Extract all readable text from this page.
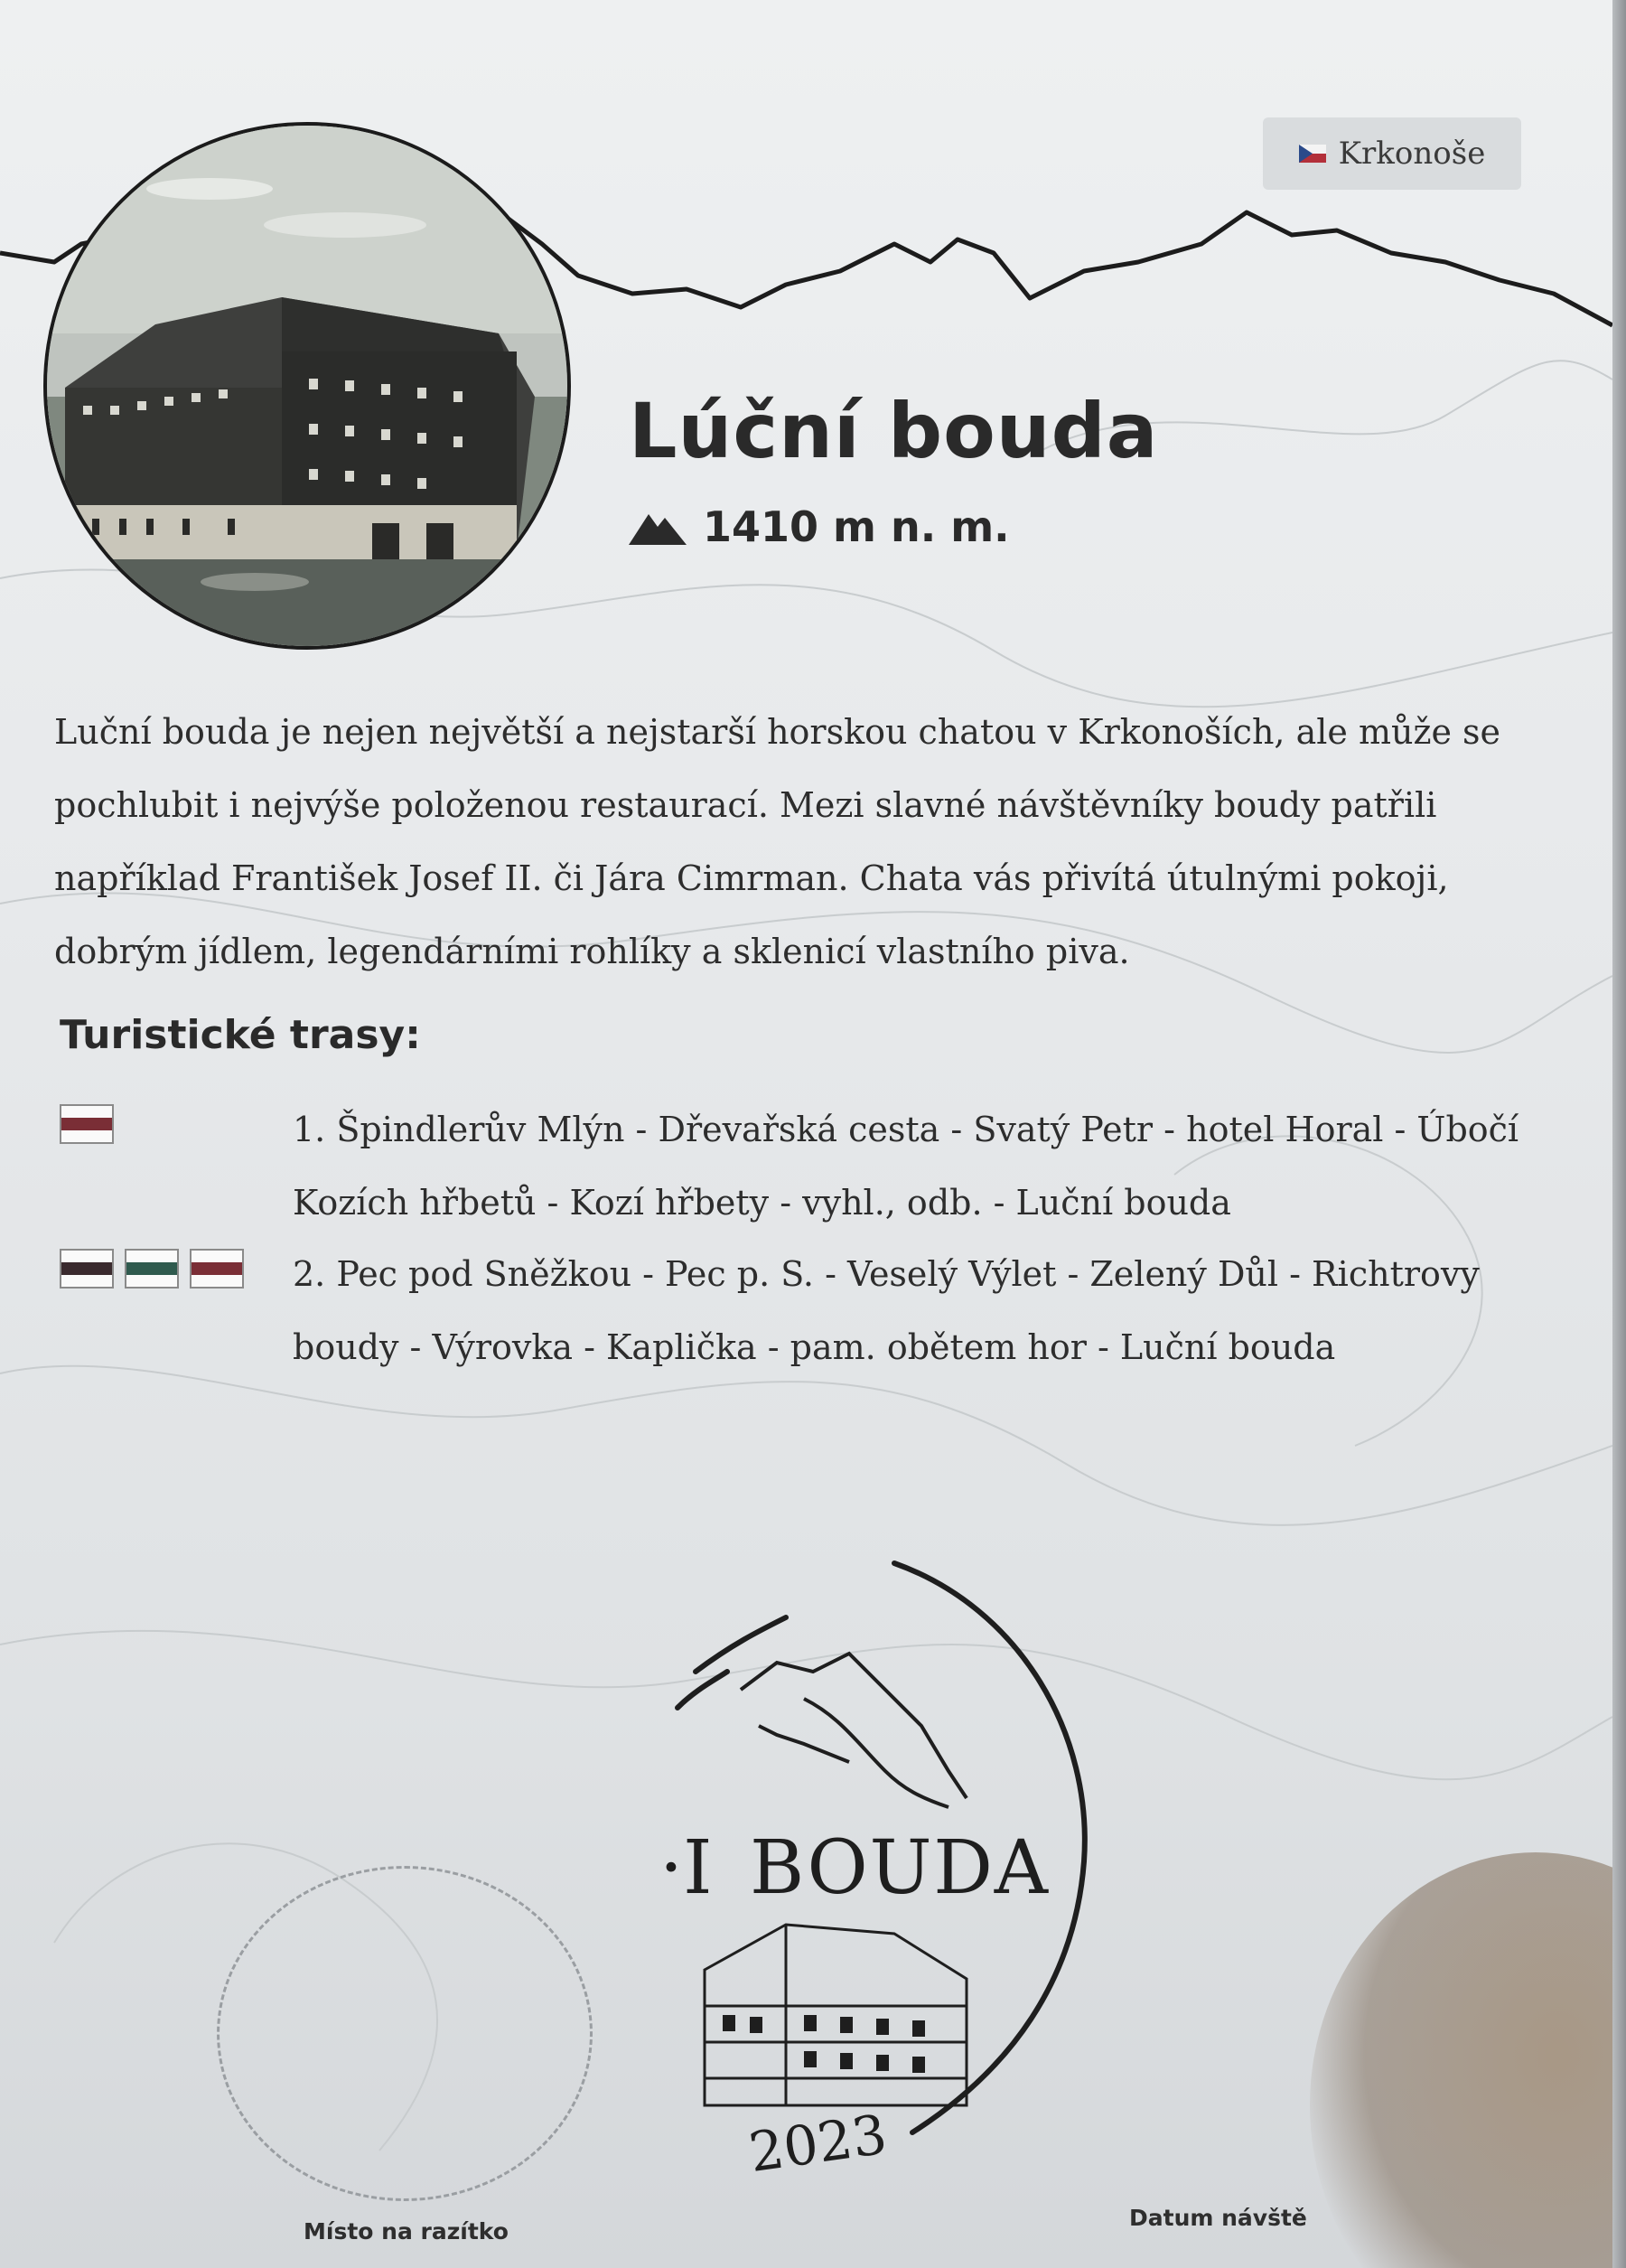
Krkonoše
Lúční bouda
1410 m n. m.

Luční bouda je nejen největší a nejstarší horskou chatou v Krkonoších, ale může se pochlubit i nejvýše položenou restaurací. Mezi slavné návštěvníky boudy patřili například František Josef II. či Jára Cimrman. Chata vás přivítá útulnými pokoji, dobrým jídlem, legendárními rohlíky a sklenicí vlastního piva.

Turistické trasy:

1. Špindlerův Mlýn - Dřevařská cesta - Svatý Petr - hotel Horal - Úbočí Kozích hřbetů - Kozí hřbety - vyhl., odb. - Luční bouda

2. Pec pod Sněžkou - Pec p. S. - Veselý Výlet - Zelený Důl - Richtrovy boudy - Výrovka - Kaplička - pam. obětem hor - Luční bouda

Místo na razítko
Datum návště
·I BOUDA
2023
